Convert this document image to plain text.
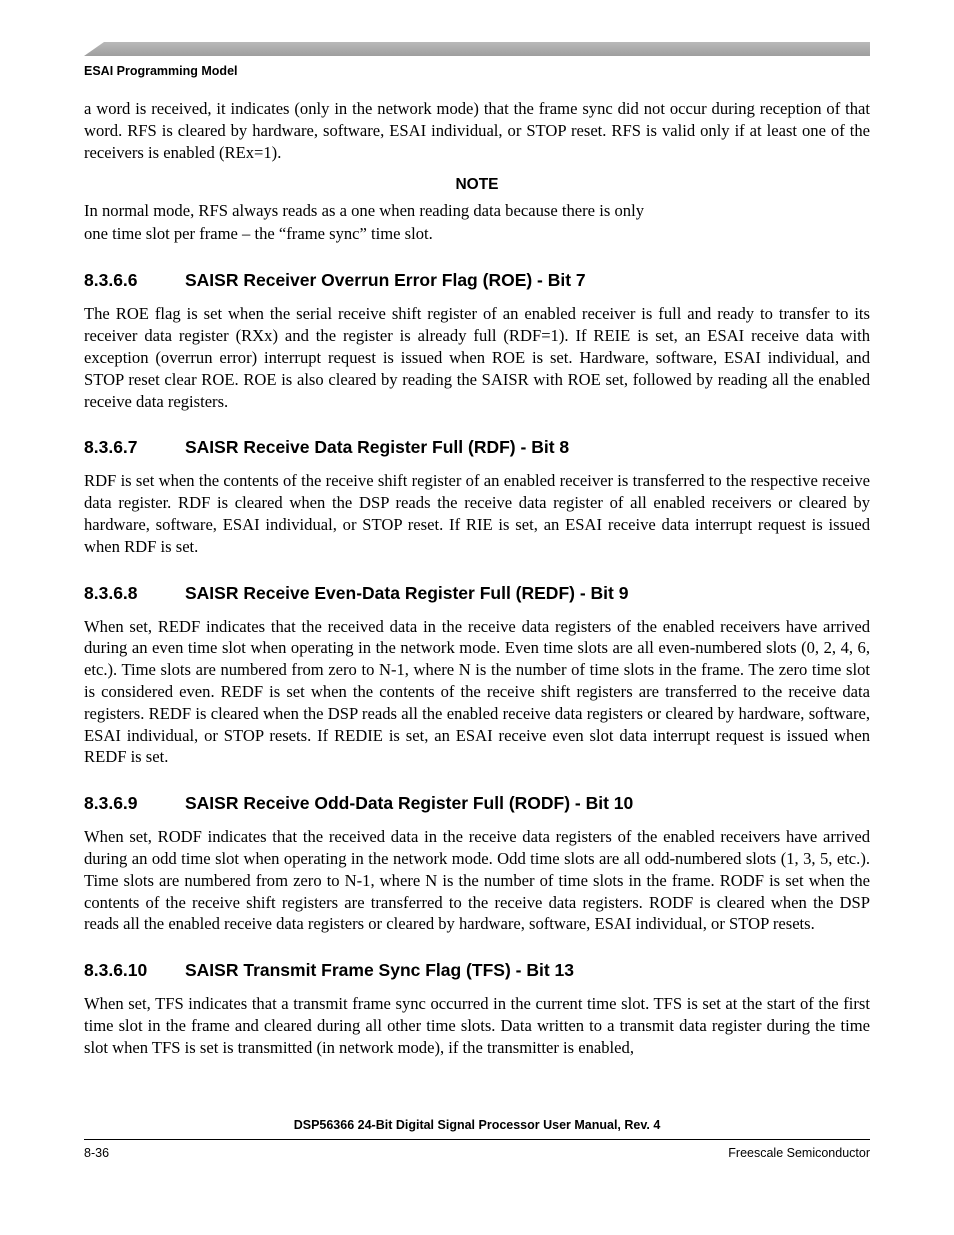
ESAI Programming Model

a word is received, it indicates (only in the network mode) that the frame sync did not occur during reception of that word. RFS is cleared by hardware, software, ESAI individual, or STOP reset. RFS is valid only if at least one of the receivers is enabled (REx=1).

NOTE

In normal mode, RFS always reads as a one when reading data because there is only one time slot per frame – the “frame sync” time slot.

8.3.6.6	SAISR Receiver Overrun Error Flag (ROE) - Bit 7

The ROE flag is set when the serial receive shift register of an enabled receiver is full and ready to transfer to its receiver data register (RXx) and the register is already full (RDF=1). If REIE is set, an ESAI receive data with exception (overrun error) interrupt request is issued when ROE is set. Hardware, software, ESAI individual, and STOP reset clear ROE. ROE is also cleared by reading the SAISR with ROE set, followed by reading all the enabled receive data registers.

8.3.6.7	SAISR Receive Data Register Full (RDF) - Bit 8

RDF is set when the contents of the receive shift register of an enabled receiver is transferred to the respective receive data register. RDF is cleared when the DSP reads the receive data register of all enabled receivers or cleared by hardware, software, ESAI individual, or STOP reset. If RIE is set, an ESAI receive data interrupt request is issued when RDF is set.

8.3.6.8	SAISR Receive Even-Data Register Full (REDF) - Bit 9

When set, REDF indicates that the received data in the receive data registers of the enabled receivers have arrived during an even time slot when operating in the network mode. Even time slots are all even-numbered slots (0, 2, 4, 6, etc.). Time slots are numbered from zero to N-1, where N is the number of time slots in the frame. The zero time slot is considered even. REDF is set when the contents of the receive shift registers are transferred to the receive data registers. REDF is cleared when the DSP reads all the enabled receive data registers or cleared by hardware, software, ESAI individual, or STOP resets. If REDIE is set, an ESAI receive even slot data interrupt request is issued when REDF is set.

8.3.6.9	SAISR Receive Odd-Data Register Full (RODF) - Bit 10

When set, RODF indicates that the received data in the receive data registers of the enabled receivers have arrived during an odd time slot when operating in the network mode. Odd time slots are all odd-numbered slots (1, 3, 5, etc.). Time slots are numbered from zero to N-1, where N is the number of time slots in the frame. RODF is set when the contents of the receive shift registers are transferred to the receive data registers. RODF is cleared when the DSP reads all the enabled receive data registers or cleared by hardware, software, ESAI individual, or STOP resets.

8.3.6.10	SAISR Transmit Frame Sync Flag (TFS) - Bit 13

When set, TFS indicates that a transmit frame sync occurred in the current time slot. TFS is set at the start of the first time slot in the frame and cleared during all other time slots. Data written to a transmit data register during the time slot when TFS is set is transmitted (in network mode), if the transmitter is enabled,

DSP56366 24-Bit Digital Signal Processor User Manual, Rev. 4
8-36	Freescale Semiconductor
